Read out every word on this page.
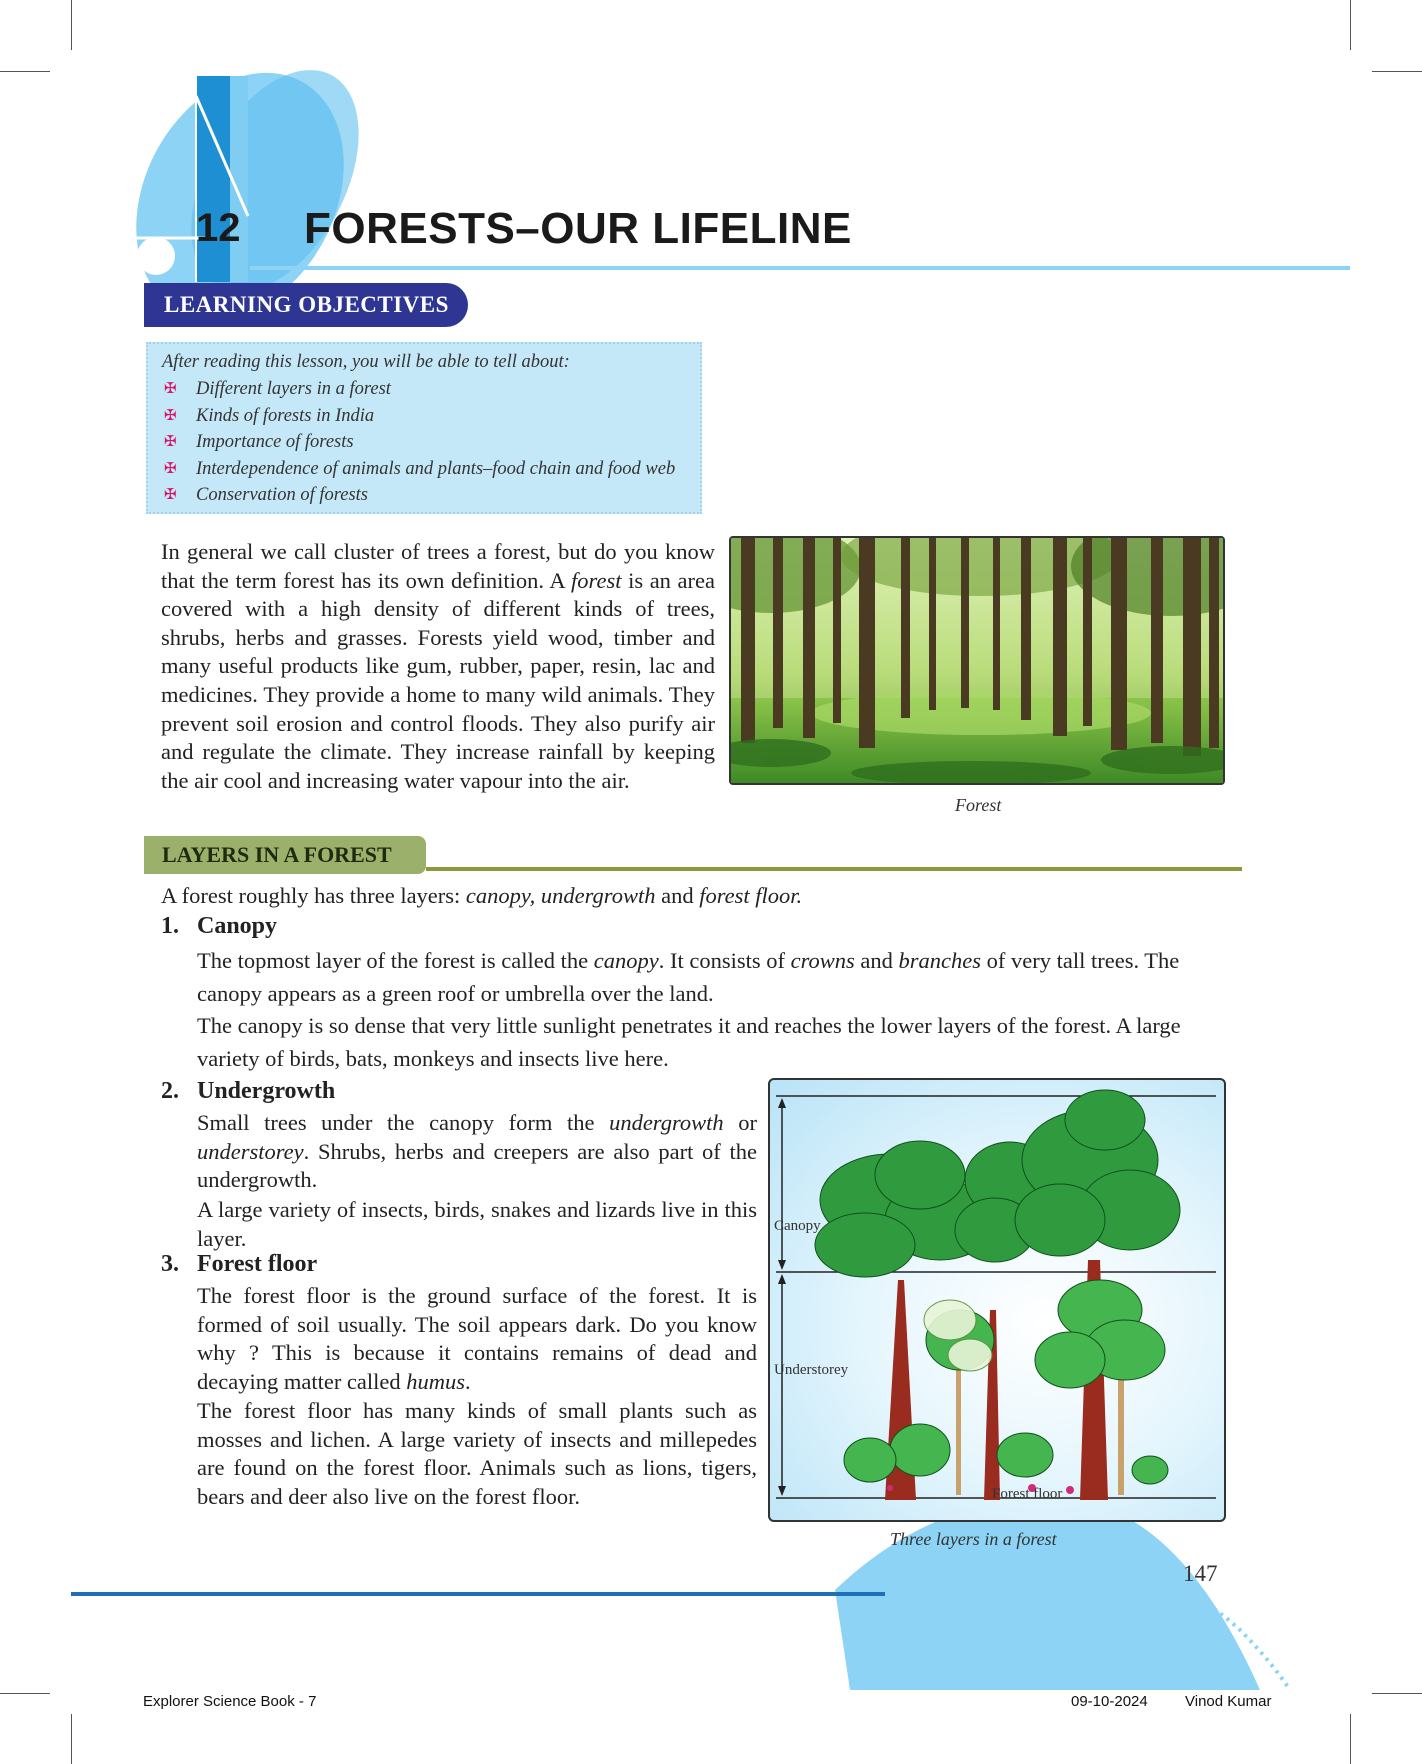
12 FORESTS–OUR LIFELINE
LEARNING OBJECTIVES

After reading this lesson, you will be able to tell about:

✠ Different layers in a forest
✠ Kinds of forests in India
✠ Importance of forests
✠ Interdependence of animals and plants–food chain and food web
✠ Conservation of forests
In general we call cluster of trees a forest, but do you know that the term forest has its own definition. A forest is an area covered with a high density of different kinds of trees, shrubs, herbs and grasses. Forests yield wood, timber and many useful products like gum, rubber, paper, resin, lac and medicines. They provide a home to many wild animals. They prevent soil erosion and control floods. They also purify air and regulate the climate. They increase rainfall by keeping the air cool and increasing water vapour into the air.
Forest
LAYERS IN A FOREST
A forest roughly has three layers: canopy, undergrowth and forest floor.
1. Canopy
The topmost layer of the forest is called the canopy. It consists of crowns and branches of very tall trees. The canopy appears as a green roof or umbrella over the land.
The canopy is so dense that very little sunlight penetrates it and reaches the lower layers of the forest. A large variety of birds, bats, monkeys and insects live here.
2. Undergrowth
Small trees under the canopy form the undergrowth or understorey. Shrubs, herbs and creepers are also part of the undergrowth.
A large variety of insects, birds, snakes and lizards live in this layer.
3. Forest floor
The forest floor is the ground surface of the forest. It is formed of soil usually. The soil appears dark. Do you know why ? This is because it contains remains of dead and decaying matter called humus.
The forest floor has many kinds of small plants such as mosses and lichen. A large variety of insects and millepedes are found on the forest floor. Animals such as lions, tigers, bears and deer also live on the forest floor.
Canopy
Understorey
Forest floor
Three layers in a forest
147
Explorer Science Book - 7	09-10-2024 Vinod Kumar
